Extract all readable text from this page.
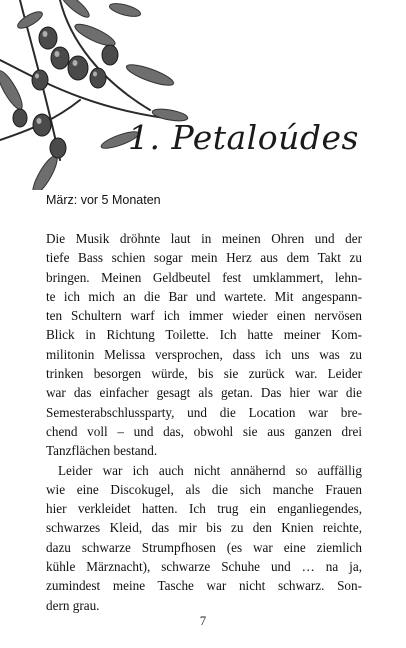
1. Petaloúdes
März: vor 5 Monaten
Die Musik dröhnte laut in meinen Ohren und der
tiefe Bass schien sogar mein Herz aus dem Takt zu
bringen. Meinen Geldbeutel fest umklammert, lehn-
te ich mich an die Bar und wartete. Mit angespann-
ten Schultern warf ich immer wieder einen nervösen
Blick in Richtung Toilette. Ich hatte meiner Kom-
militonin Melissa versprochen, dass ich uns was zu
trinken besorgen würde, bis sie zurück war. Leider
war das einfacher gesagt als getan. Das hier war die
Semesterabschlussparty, und die Location war bre-
chend voll – und das, obwohl sie aus ganzen drei
Tanzflächen bestand.
Leider war ich auch nicht annähernd so auffällig
wie eine Discokugel, als die sich manche Frauen
hier verkleidet hatten. Ich trug ein enganliegendes,
schwarzes Kleid, das mir bis zu den Knien reichte,
dazu schwarze Strumpfhosen (es war eine ziemlich
kühle Märznacht), schwarze Schuhe und … na ja,
zumindest meine Tasche war nicht schwarz. Son-
dern grau.
7
